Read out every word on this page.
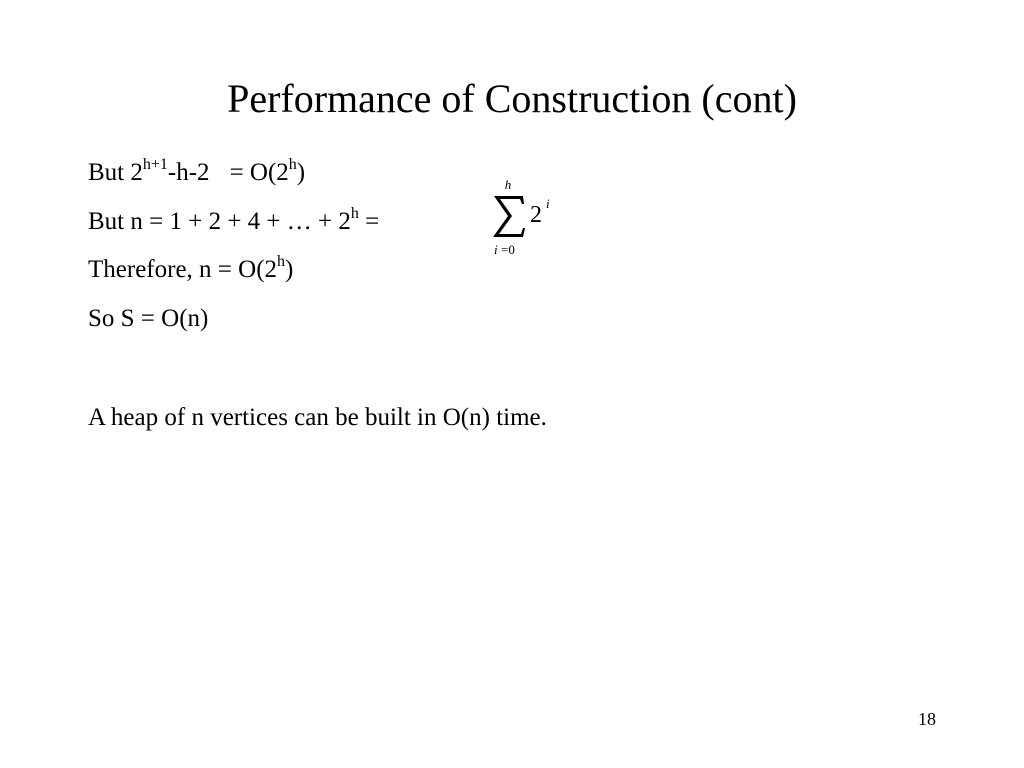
Performance of Construction (cont)
But $2^{h+1}-h-2 = O(2^h)$
But n = 1 + 2 + 4 + … + $2^h$ =
h
i =0
2 i
Therefore, $n = O(2^h)$
So S = O(n)
A heap of n vertices can be built in O(n) time.
18
